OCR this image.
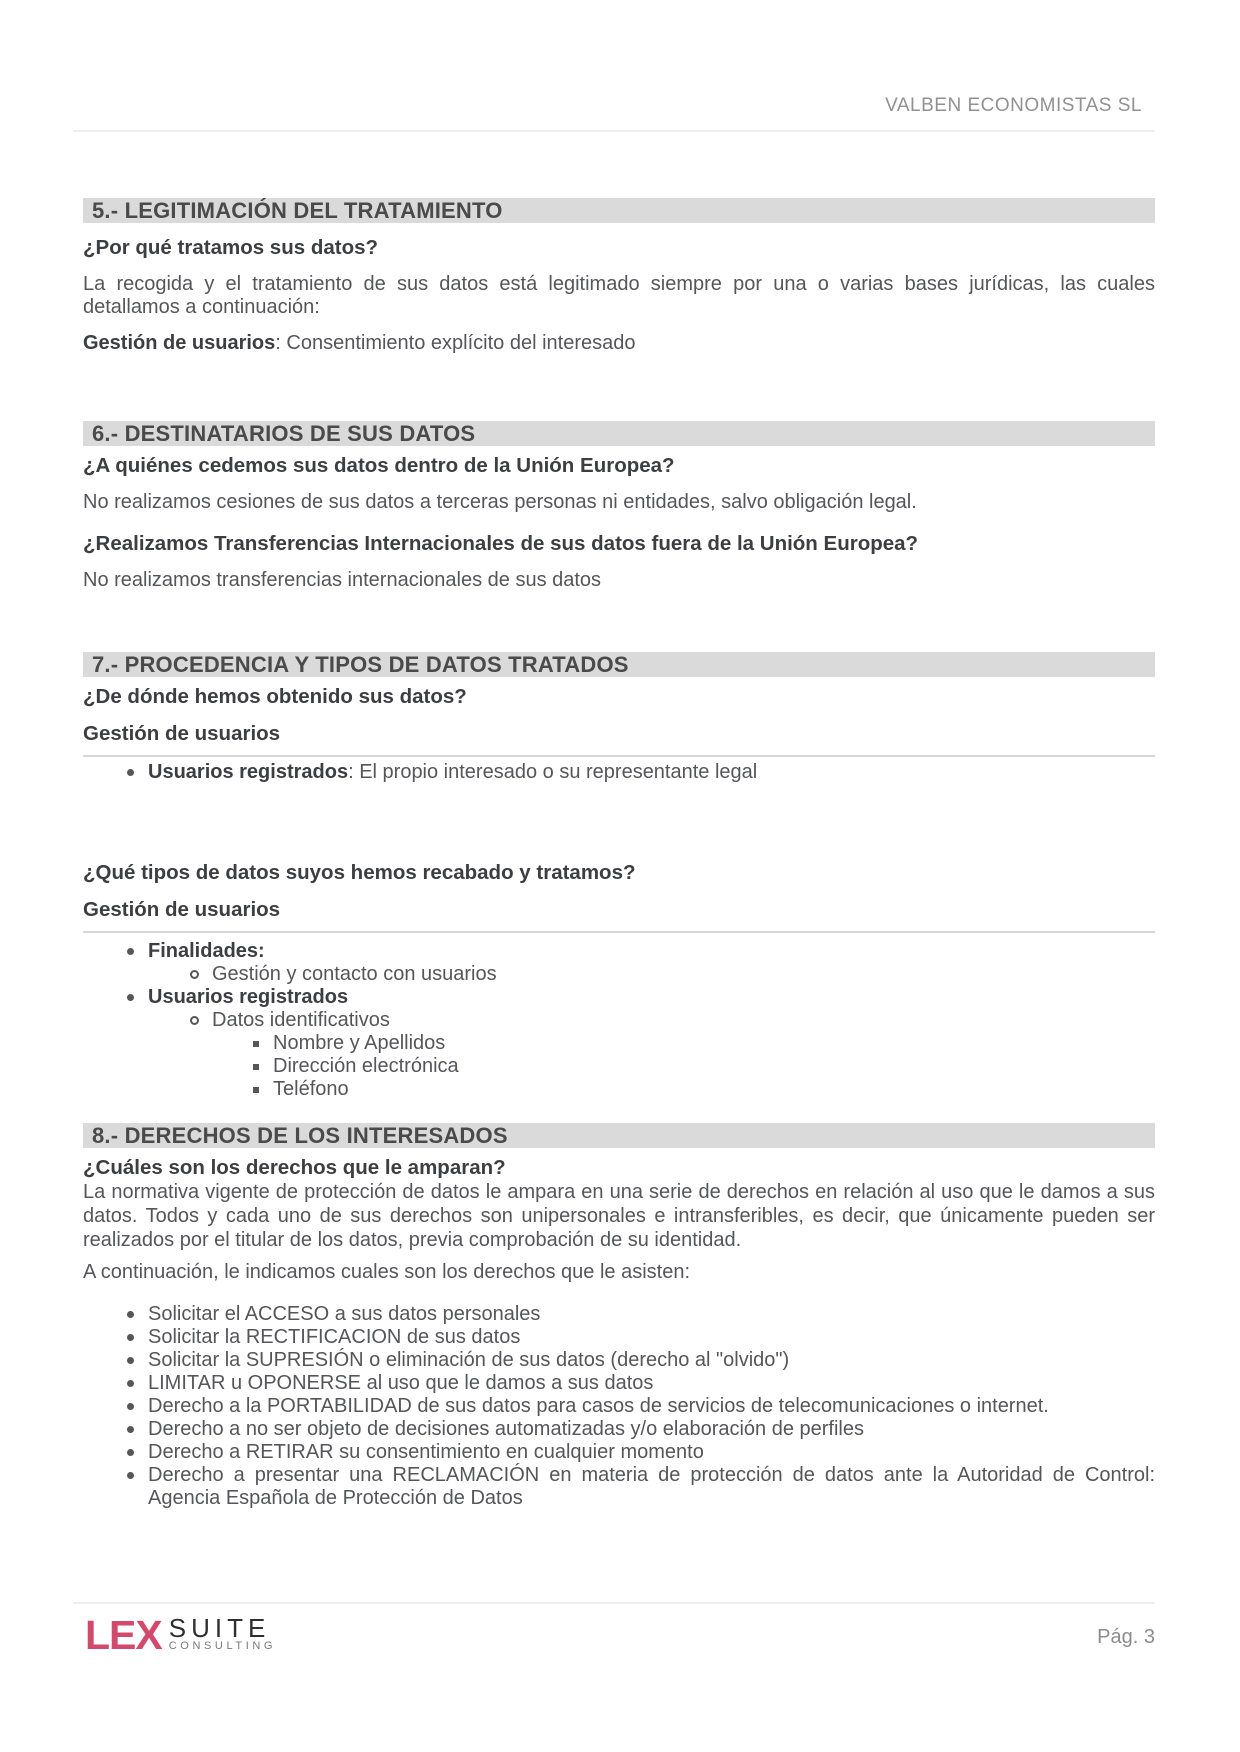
VALBEN ECONOMISTAS SL
5.- LEGITIMACIÓN DEL TRATAMIENTO
¿Por qué tratamos sus datos?
La recogida y el tratamiento de sus datos está legitimado siempre por una o varias bases jurídicas, las cuales detallamos a continuación:
Gestión de usuarios: Consentimiento explícito del interesado
6.- DESTINATARIOS DE SUS DATOS
¿A quiénes cedemos sus datos dentro de la Unión Europea?
No realizamos cesiones de sus datos a terceras personas ni entidades, salvo obligación legal.
¿Realizamos Transferencias Internacionales de sus datos fuera de la Unión Europea?
No realizamos transferencias internacionales de sus datos
7.- PROCEDENCIA Y TIPOS DE DATOS TRATADOS
¿De dónde hemos obtenido sus datos?
Gestión de usuarios
Usuarios registrados: El propio interesado o su representante legal
¿Qué tipos de datos suyos hemos recabado y tratamos?
Gestión de usuarios
Finalidades:
Gestión y contacto con usuarios
Usuarios registrados
Datos identificativos
Nombre y Apellidos
Dirección electrónica
Teléfono
8.- DERECHOS DE LOS INTERESADOS
¿Cuáles son los derechos que le amparan?
La normativa vigente de protección de datos le ampara en una serie de derechos en relación al uso que le damos a sus datos. Todos y cada uno de sus derechos son unipersonales e intransferibles, es decir, que únicamente pueden ser realizados por el titular de los datos, previa comprobación de su identidad.
A continuación, le indicamos cuales son los derechos que le asisten:
Solicitar el ACCESO a sus datos personales
Solicitar la RECTIFICACION de sus datos
Solicitar la SUPRESIÓN o eliminación de sus datos (derecho al "olvido")
LIMITAR u OPONERSE al uso que le damos a sus datos
Derecho a la PORTABILIDAD de sus datos para casos de servicios de telecomunicaciones o internet.
Derecho a no ser objeto de decisiones automatizadas y/o elaboración de perfiles
Derecho a RETIRAR su consentimiento en cualquier momento
Derecho a presentar una RECLAMACIÓN en materia de protección de datos ante la Autoridad de Control: Agencia Española de Protección de Datos
LEX SUITE
CONSULTING	Pág. 3
